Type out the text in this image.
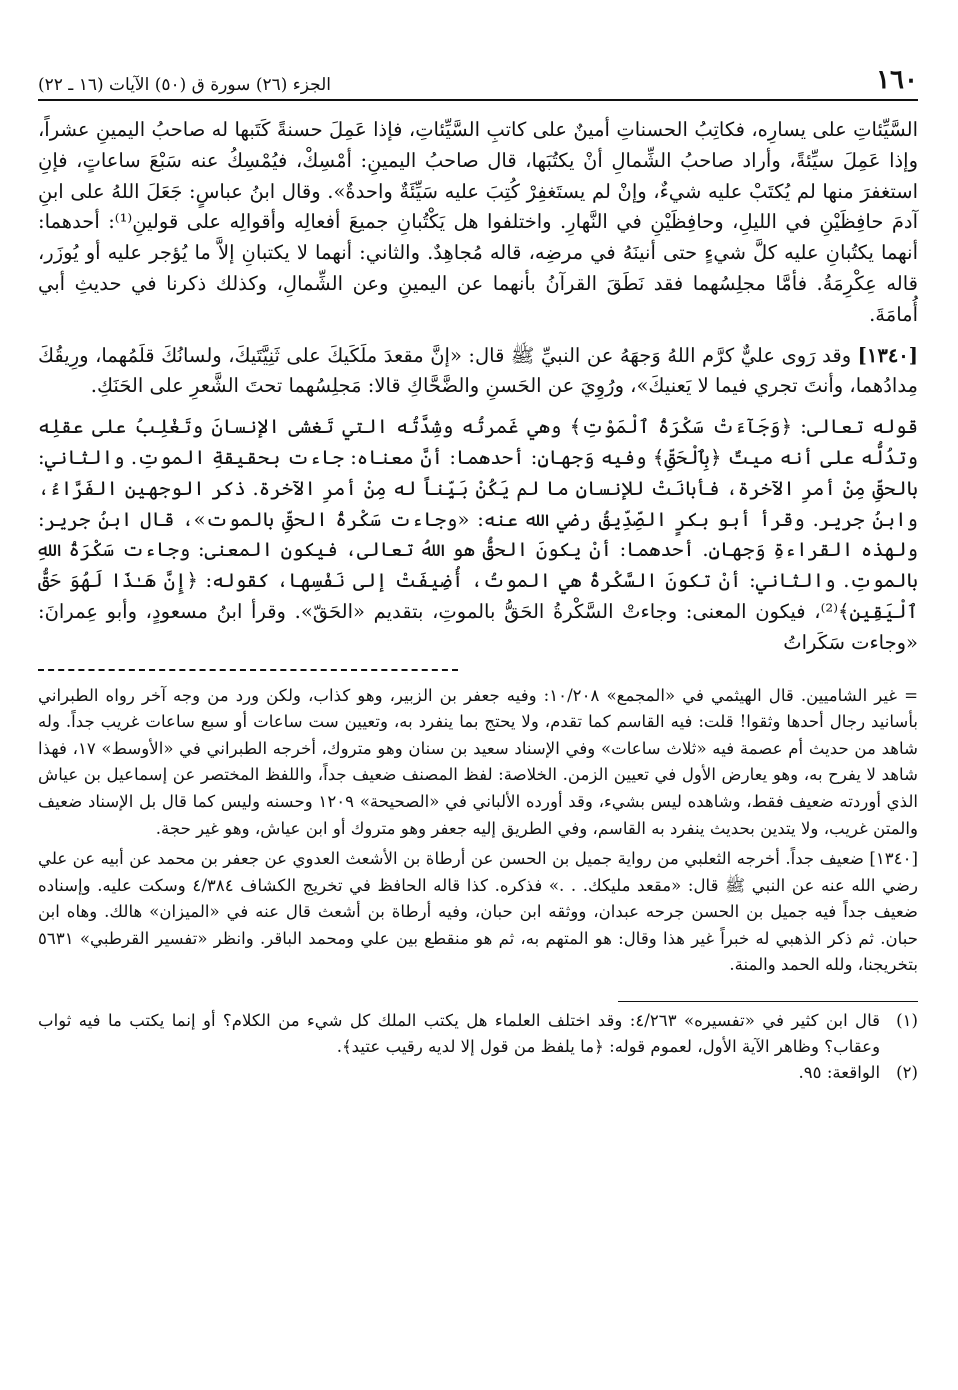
١٦٠
الجزء (٢٦) سورة ق (٥٠) الآيات (١٦ ـ ٢٢)

السَّيِّئاتِ على يسارِه، فكاتِبُ الحسناتِ أمينٌ على كاتبِ السَّيِّئاتِ، فإذا عَمِلَ حسنةً كَتَبها له صاحبُ اليمينِ عشراً، وإذا عَمِلَ سيِّئةً، وأراد صاحبُ الشِّمالِ أنْ يكتُبَها، قال صاحبُ اليمينِ: أمْسِكْ، فيُمْسِكُ عنه سَبْعَ ساعاتٍ، فإنِ استغفرَ منها لم يُكتَبْ عليه شيءٌ، وإنْ لم يستَغفِرْ كُتِبَ عليه سَيِّئَةٌ واحدةٌ». وقال ابنُ عباسٍ: جَعَلَ اللهُ على ابنِ آدمَ حافِظَيْنِ في الليلِ، وحافِظَيْنِ في النَّهارِ. واختلفوا هل يَكْتُبانِ جميعَ أفعالِه وأقوالِه على قولينِ⁽¹⁾: أحدهما: أنهما يكتُبانِ عليه كلَّ شيءٍ حتى أنينَهُ في مرضِه، قاله مُجاهِدٌ. والثاني: أنهما لا يكتبانِ إلاَّ ما يُؤجر عليه أو يُوزَر، قاله عِكْرِمَةُ. فأمَّا مجلِسُهما فقد نَطَقَ القرآنُ بأنهما عن اليمينِ وعن الشِّمالِ، وكذلك ذكرنا في حديثِ أبي أُمامَةَ.

[١٣٤٠] وقد رَوى عليٌّ كرَّم اللهُ وَجهَهُ عن النبيِّ ﷺ قال: «إنَّ مقعدَ ملَكَيكَ على ثَنِيَّتَيكَ، ولسانُكَ قلَمُهما، ورِيقُكَ مِدادُهما، وأنتَ تجري فيما لا يَعنيكَ»، ورُوِيَ عن الحَسنِ والضَّحَّاكِ قالا: مَجلِسُهما تحتَ الشَّعرِ على الحَنَكِ.

قوله تعالى: ﴿وَجَآءَتْ سَكْرَةُ ٱلْمَوْتِ﴾ وهي غَمرتُه وشِدَّتُه التي تَغشى الإنسانَ وتَغْلِبُ على عقلِه وتدُلُّه على أنه ميتٌ ﴿بِٱلْحَقِّ﴾ وفيه وَجهانِ: أحدهما: أنَّ معناه: جاءت بحقيقةِ الموتِ. والثاني: بالحقِّ مِنْ أمرِ الآخرة، فأبانَتْ للإنسانِ ما لم يَكُنْ بَيِّناً له مِنْ أمرِ الآخرة. ذكر الوجهين الفَرَّاءُ، وابنُ جرير. وقرأ أبو بكرٍ الصِّدِّيقُ رضي الله عنه: «وجاءت سَكْرةُ الحقِّ بالموت»، قال ابنُ جرير: ولهذه القراءةِ وَجهانِ. أحدهما: أنْ يكونَ الحقُّ هو اللهُ تعالى، فيكون المعنى: وجاءت سَكْرَةُ اللهِ بالموتِ. والثاني: أنْ تكونَ السَّكْرةُ هي الموتُ، أُضِيفَتْ إلى نَفْسِها، كقوله: ﴿إِنَّ هَـٰذَا لَهُوَ حَقُّ ٱلْيَقِينِ﴾⁽²⁾، فيكون المعنى: وجاءتْ السَّكْرةُ الحَقُّ بالموتِ، بتقديم «الحَقّ». وقرأ ابنُ مسعودٍ، وأبو عِمرانَ: «وجاءت سَكَراتُ

= غير الشاميين. قال الهيثمي في «المجمع» ١٠/٢٠٨: وفيه جعفر بن الزبير، وهو كذاب، ولكن ورد من وجه آخر رواه الطبراني بأسانيد رجال أحدها وثقوا! قلت: فيه القاسم كما تقدم، ولا يحتج بما ينفرد به، وتعيين ست ساعات أو سبع ساعات غريب جداً. وله شاهد من حديث أم عصمة فيه «ثلاث ساعات» وفي الإسناد سعيد بن سنان وهو متروك، أخرجه الطبراني في «الأوسط» ١٧، فهذا شاهد لا يفرح به، وهو يعارض الأول في تعيين الزمن. الخلاصة: لفظ المصنف ضعيف جداً، واللفظ المختصر عن إسماعيل بن عياش الذي أوردته ضعيف فقط، وشاهده ليس بشيء، وقد أورده الألباني في «الصحيحة» ١٢٠٩ وحسنه وليس كما قال بل الإسناد ضعيف والمتن غريب، ولا يتدين بحديث ينفرد به القاسم، وفي الطريق إليه جعفر وهو متروك أو ابن عياش، وهو غير حجة.

[١٣٤٠] ضعيف جداً. أخرجه الثعلبي من رواية جميل بن الحسن عن أرطاة بن الأشعث العدوي عن جعفر بن محمد عن أبيه عن علي رضي الله عنه عن النبي ﷺ قال: «مقعد مليكك. . .» فذكره. كذا قاله الحافظ في تخريج الكشاف ٤/٣٨٤ وسكت عليه. وإسناده ضعيف جداً فيه جميل بن الحسن جرحه عبدان، ووثقه ابن حبان، وفيه أرطاة بن أشعث قال عنه في «الميزان» هالك. وهاه ابن حبان. ثم ذكر الذهبي له خبراً غير هذا وقال: هو المتهم به، ثم هو منقطع بين علي ومحمد الباقر. وانظر «تفسير القرطبي» ٥٦٣١ بتخريجنا، ولله الحمد والمنة.

(١)
قال ابن كثير في «تفسيره» ٤/٢٦٣: وقد اختلف العلماء هل يكتب الملك كل شيء من الكلام؟ أو إنما يكتب ما فيه ثواب وعقاب؟ وظاهر الآية الأول، لعموم قوله: ﴿ما يلفظ من قول إلا لديه رقيب عتيد﴾.
(٢)
الواقعة: ٩٥.
